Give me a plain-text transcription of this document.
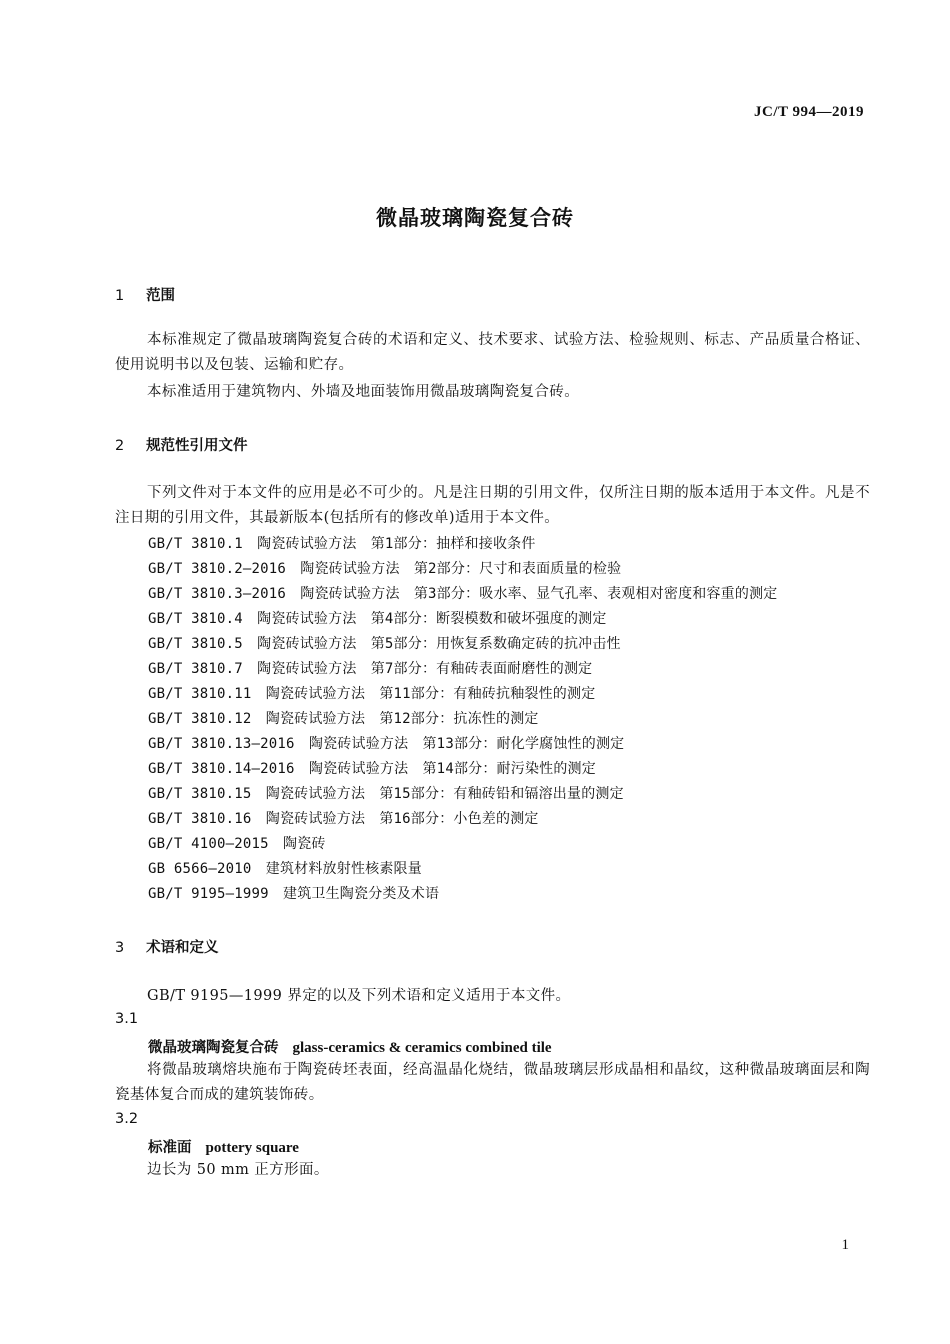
JC/T 994—2019
微晶玻璃陶瓷复合砖
1 范围
本标准规定了微晶玻璃陶瓷复合砖的术语和定义、技术要求、试验方法、检验规则、标志、产品质量合格证、使用说明书以及包装、运输和贮存。
本标准适用于建筑物内、外墙及地面装饰用微晶玻璃陶瓷复合砖。
2 规范性引用文件
下列文件对于本文件的应用是必不可少的。凡是注日期的引用文件，仅所注日期的版本适用于本文件。凡是不注日期的引用文件，其最新版本(包括所有的修改单)适用于本文件。
GB/T 3810.1　陶瓷砖试验方法　第1部分：抽样和接收条件
GB/T 3810.2—2016　陶瓷砖试验方法　第2部分：尺寸和表面质量的检验
GB/T 3810.3—2016　陶瓷砖试验方法　第3部分：吸水率、显气孔率、表观相对密度和容重的测定
GB/T 3810.4　陶瓷砖试验方法　第4部分：断裂模数和破坏强度的测定
GB/T 3810.5　陶瓷砖试验方法　第5部分：用恢复系数确定砖的抗冲击性
GB/T 3810.7　陶瓷砖试验方法　第7部分：有釉砖表面耐磨性的测定
GB/T 3810.11　陶瓷砖试验方法　第11部分：有釉砖抗釉裂性的测定
GB/T 3810.12　陶瓷砖试验方法　第12部分：抗冻性的测定
GB/T 3810.13—2016　陶瓷砖试验方法　第13部分：耐化学腐蚀性的测定
GB/T 3810.14—2016　陶瓷砖试验方法　第14部分：耐污染性的测定
GB/T 3810.15　陶瓷砖试验方法　第15部分：有釉砖铅和镉溶出量的测定
GB/T 3810.16　陶瓷砖试验方法　第16部分：小色差的测定
GB/T 4100—2015　陶瓷砖
GB 6566—2010　建筑材料放射性核素限量
GB/T 9195—1999　建筑卫生陶瓷分类及术语
3 术语和定义
GB/T 9195—1999 界定的以及下列术语和定义适用于本文件。
3.1
微晶玻璃陶瓷复合砖 glass-ceramics & ceramics combined tile
将微晶玻璃熔块施布于陶瓷砖坯表面，经高温晶化烧结，微晶玻璃层形成晶相和晶纹，这种微晶玻璃面层和陶瓷基体复合而成的建筑装饰砖。
3.2
标准面 pottery square
边长为 50 mm 正方形面。
1
